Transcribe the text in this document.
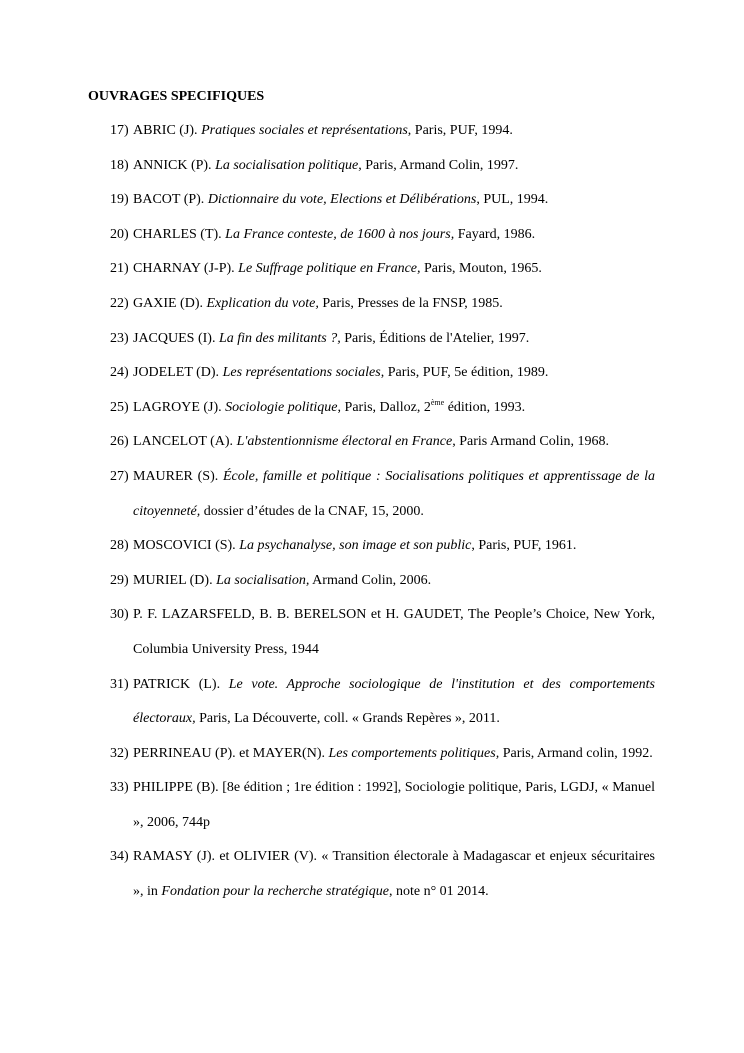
OUVRAGES SPECIFIQUES
17) ABRIC (J). Pratiques sociales et représentations, Paris, PUF, 1994.
18) ANNICK (P). La socialisation politique, Paris, Armand Colin, 1997.
19) BACOT (P). Dictionnaire du vote, Elections et Délibérations, PUL, 1994.
20) CHARLES (T). La France conteste, de 1600 à nos jours, Fayard, 1986.
21) CHARNAY (J-P). Le Suffrage politique en France, Paris, Mouton, 1965.
22) GAXIE (D). Explication du vote, Paris, Presses de la FNSP, 1985.
23) JACQUES (I). La fin des militants ?, Paris, Éditions de l'Atelier, 1997.
24) JODELET (D). Les représentations sociales, Paris, PUF, 5e édition, 1989.
25) LAGROYE (J). Sociologie politique, Paris, Dalloz, 2ème édition, 1993.
26) LANCELOT (A). L'abstentionnisme électoral en France, Paris Armand Colin, 1968.
27) MAURER (S). École, famille et politique : Socialisations politiques et apprentissage de la citoyenneté, dossier d’études de la CNAF, 15, 2000.
28) MOSCOVICI (S). La psychanalyse, son image et son public, Paris, PUF, 1961.
29) MURIEL (D). La socialisation, Armand Colin, 2006.
30) P. F. LAZARSFELD, B. B. BERELSON et H. GAUDET, The People’s Choice, New York, Columbia University Press, 1944
31) PATRICK (L). Le vote. Approche sociologique de l'institution et des comportements électoraux, Paris, La Découverte, coll. « Grands Repères », 2011.
32) PERRINEAU (P). et MAYER(N). Les comportements politiques, Paris, Armand colin, 1992.
33) PHILIPPE (B). [8e édition ; 1re édition : 1992], Sociologie politique, Paris, LGDJ, « Manuel », 2006, 744p
34) RAMASY (J). et OLIVIER (V). « Transition électorale à Madagascar et enjeux sécuritaires », in Fondation pour la recherche stratégique, note n° 01 2014.
